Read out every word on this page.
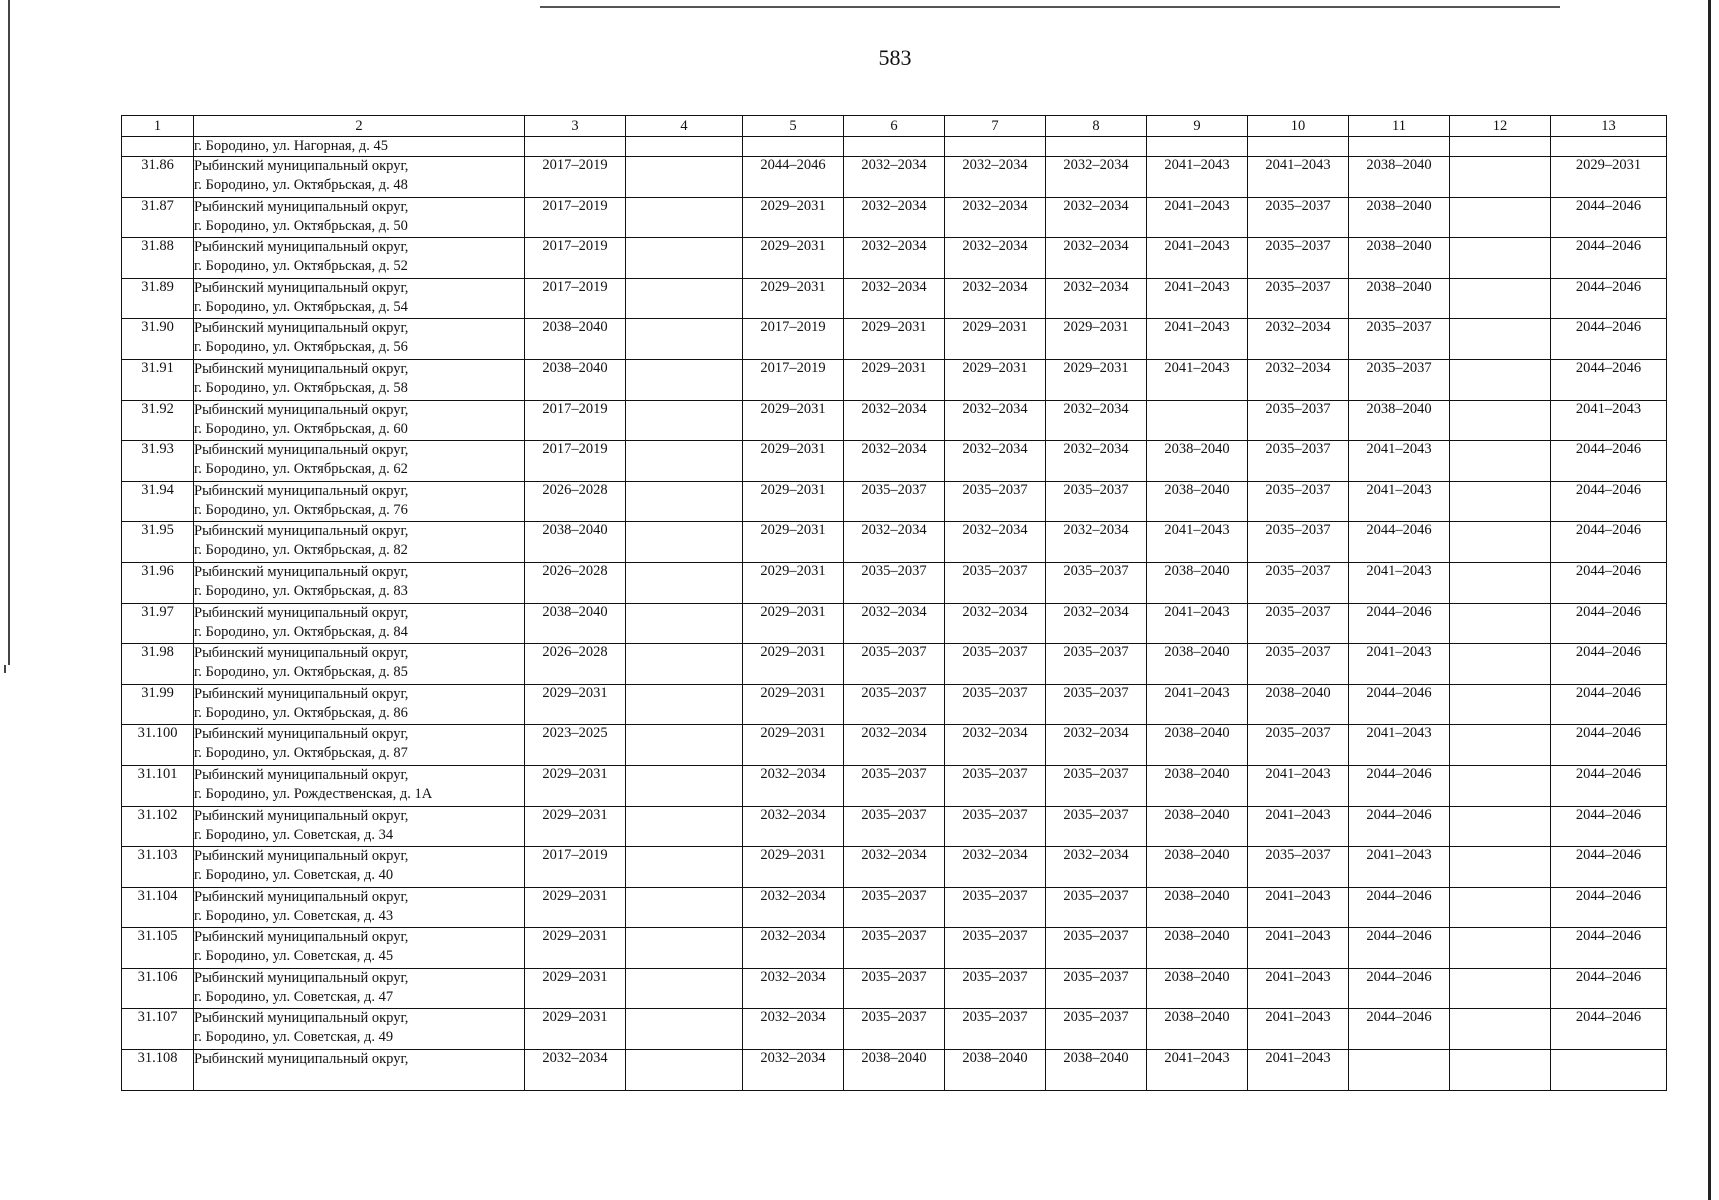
583
1	2	3	4	5	6	7	8	9	10	11	12	13

	г. Бородино, ул. Нагорная, д. 45											

31.86	Рыбинский муниципальный округ,
г. Бородино, ул. Октябрьская, д. 48	2017–2019		2044–2046	2032–2034	2032–2034	2032–2034	2041–2043	2041–2043	2038–2040		2029–2031
31.87	Рыбинский муниципальный округ,
г. Бородино, ул. Октябрьская, д. 50	2017–2019		2029–2031	2032–2034	2032–2034	2032–2034	2041–2043	2035–2037	2038–2040		2044–2046
31.88	Рыбинский муниципальный округ,
г. Бородино, ул. Октябрьская, д. 52	2017–2019		2029–2031	2032–2034	2032–2034	2032–2034	2041–2043	2035–2037	2038–2040		2044–2046
31.89	Рыбинский муниципальный округ,
г. Бородино, ул. Октябрьская, д. 54	2017–2019		2029–2031	2032–2034	2032–2034	2032–2034	2041–2043	2035–2037	2038–2040		2044–2046
31.90	Рыбинский муниципальный округ,
г. Бородино, ул. Октябрьская, д. 56	2038–2040		2017–2019	2029–2031	2029–2031	2029–2031	2041–2043	2032–2034	2035–2037		2044–2046
31.91	Рыбинский муниципальный округ,
г. Бородино, ул. Октябрьская, д. 58	2038–2040		2017–2019	2029–2031	2029–2031	2029–2031	2041–2043	2032–2034	2035–2037		2044–2046
31.92	Рыбинский муниципальный округ,
г. Бородино, ул. Октябрьская, д. 60	2017–2019		2029–2031	2032–2034	2032–2034	2032–2034		2035–2037	2038–2040		2041–2043
31.93	Рыбинский муниципальный округ,
г. Бородино, ул. Октябрьская, д. 62	2017–2019		2029–2031	2032–2034	2032–2034	2032–2034	2038–2040	2035–2037	2041–2043		2044–2046
31.94	Рыбинский муниципальный округ,
г. Бородино, ул. Октябрьская, д. 76	2026–2028		2029–2031	2035–2037	2035–2037	2035–2037	2038–2040	2035–2037	2041–2043		2044–2046
31.95	Рыбинский муниципальный округ,
г. Бородино, ул. Октябрьская, д. 82	2038–2040		2029–2031	2032–2034	2032–2034	2032–2034	2041–2043	2035–2037	2044–2046		2044–2046
31.96	Рыбинский муниципальный округ,
г. Бородино, ул. Октябрьская, д. 83	2026–2028		2029–2031	2035–2037	2035–2037	2035–2037	2038–2040	2035–2037	2041–2043		2044–2046
31.97	Рыбинский муниципальный округ,
г. Бородино, ул. Октябрьская, д. 84	2038–2040		2029–2031	2032–2034	2032–2034	2032–2034	2041–2043	2035–2037	2044–2046		2044–2046
31.98	Рыбинский муниципальный округ,
г. Бородино, ул. Октябрьская, д. 85	2026–2028		2029–2031	2035–2037	2035–2037	2035–2037	2038–2040	2035–2037	2041–2043		2044–2046
31.99	Рыбинский муниципальный округ,
г. Бородино, ул. Октябрьская, д. 86	2029–2031		2029–2031	2035–2037	2035–2037	2035–2037	2041–2043	2038–2040	2044–2046		2044–2046
31.100	Рыбинский муниципальный округ,
г. Бородино, ул. Октябрьская, д. 87	2023–2025		2029–2031	2032–2034	2032–2034	2032–2034	2038–2040	2035–2037	2041–2043		2044–2046
31.101	Рыбинский муниципальный округ,
г. Бородино, ул. Рождественская, д. 1А	2029–2031		2032–2034	2035–2037	2035–2037	2035–2037	2038–2040	2041–2043	2044–2046		2044–2046
31.102	Рыбинский муниципальный округ,
г. Бородино, ул. Советская, д. 34	2029–2031		2032–2034	2035–2037	2035–2037	2035–2037	2038–2040	2041–2043	2044–2046		2044–2046
31.103	Рыбинский муниципальный округ,
г. Бородино, ул. Советская, д. 40	2017–2019		2029–2031	2032–2034	2032–2034	2032–2034	2038–2040	2035–2037	2041–2043		2044–2046
31.104	Рыбинский муниципальный округ,
г. Бородино, ул. Советская, д. 43	2029–2031		2032–2034	2035–2037	2035–2037	2035–2037	2038–2040	2041–2043	2044–2046		2044–2046
31.105	Рыбинский муниципальный округ,
г. Бородино, ул. Советская, д. 45	2029–2031		2032–2034	2035–2037	2035–2037	2035–2037	2038–2040	2041–2043	2044–2046		2044–2046
31.106	Рыбинский муниципальный округ,
г. Бородино, ул. Советская, д. 47	2029–2031		2032–2034	2035–2037	2035–2037	2035–2037	2038–2040	2041–2043	2044–2046		2044–2046
31.107	Рыбинский муниципальный округ,
г. Бородино, ул. Советская, д. 49	2029–2031		2032–2034	2035–2037	2035–2037	2035–2037	2038–2040	2041–2043	2044–2046		2044–2046
31.108	Рыбинский муниципальный округ,	2032–2034		2032–2034	2038–2040	2038–2040	2038–2040	2041–2043	2041–2043			
